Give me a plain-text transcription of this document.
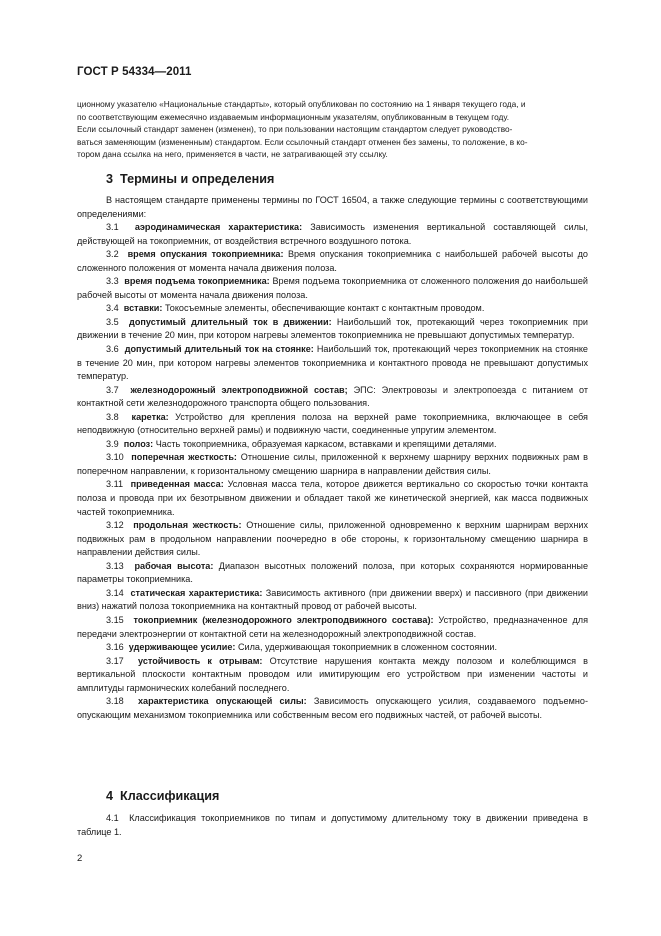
ГОСТ Р 54334—2011

ционному указателю «Национальные стандарты», который опубликован по состоянию на 1 января текущего года, и

по соответствующим ежемесячно издаваемым информационным указателям, опубликованным в текущем году.

Если ссылочный стандарт заменен (изменен), то при пользовании настоящим стандартом следует руководство-

ваться заменяющим (измененным) стандартом. Если ссылочный стандарт отменен без замены, то положение, в ко-

тором дана ссылка на него, применяется в части, не затрагивающей эту ссылку.

3 Термины и определения

В настоящем стандарте применены термины по ГОСТ 16504, а также следующие термины с соответствующими определениями:

3.1 аэродинамическая характеристика: Зависимость изменения вертикальной составляющей силы, действующей на токоприемник, от воздействия встречного воздушного потока.

3.2 время опускания токоприемника: Время опускания токоприемника с наибольшей рабочей высоты до сложенного положения от момента начала движения полоза.

3.3 время подъема токоприемника: Время подъема токоприемника от сложенного положения до наибольшей рабочей высоты от момента начала движения полоза.

3.4 вставки: Токосъемные элементы, обеспечивающие контакт с контактным проводом.

3.5 допустимый длительный ток в движении: Наибольший ток, протекающий через токоприемник при движении в течение 20 мин, при котором нагревы элементов токоприемника не превышают допустимых температур.

3.6 допустимый длительный ток на стоянке: Наибольший ток, протекающий через токоприемник на стоянке в течение 20 мин, при котором нагревы элементов токоприемника и контактного провода не превышают допустимых температур.

3.7 железнодорожный электроподвижной состав; ЭПС: Электровозы и электропоезда с питанием от контактной сети железнодорожного транспорта общего пользования.

3.8 каретка: Устройство для крепления полоза на верхней раме токоприемника, включающее в себя неподвижную (относительно верхней рамы) и подвижную части, соединенные упругим элементом.

3.9 полоз: Часть токоприемника, образуемая каркасом, вставками и крепящими деталями.

3.10 поперечная жесткость: Отношение силы, приложенной к верхнему шарниру верхних подвижных рам в поперечном направлении, к горизонтальному смещению шарнира в направлении действия силы.

3.11 приведенная масса: Условная масса тела, которое движется вертикально со скоростью точки контакта полоза и провода при их безотрывном движении и обладает такой же кинетической энергией, как масса подвижных частей токоприемника.

3.12 продольная жесткость: Отношение силы, приложенной одновременно к верхним шарнирам верхних подвижных рам в продольном направлении поочередно в обе стороны, к горизонтальному смещению шарнира в направлении действия силы.

3.13 рабочая высота: Диапазон высотных положений полоза, при которых сохраняются нормированные параметры токоприемника.

3.14 статическая характеристика: Зависимость активного (при движении вверх) и пассивного (при движении вниз) нажатий полоза токоприемника на контактный провод от рабочей высоты.

3.15 токоприемник (железнодорожного электроподвижного состава): Устройство, предназначенное для передачи электроэнергии от контактной сети на железнодорожный электроподвижной состав.

3.16 удерживающее усилие: Сила, удерживающая токоприемник в сложенном состоянии.

3.17 устойчивость к отрывам: Отсутствие нарушения контакта между полозом и колеблющимся в вертикальной плоскости контактным проводом или имитирующим его устройством при изменении частоты и амплитуды гармонических колебаний последнего.

3.18 характеристика опускающей силы: Зависимость опускающего усилия, создаваемого подъемно-опускающим механизмом токоприемника или собственным весом его подвижных частей, от рабочей высоты.

4 Классификация

4.1 Классификация токоприемников по типам и допустимому длительному току в движении приведена в таблице 1.

2
